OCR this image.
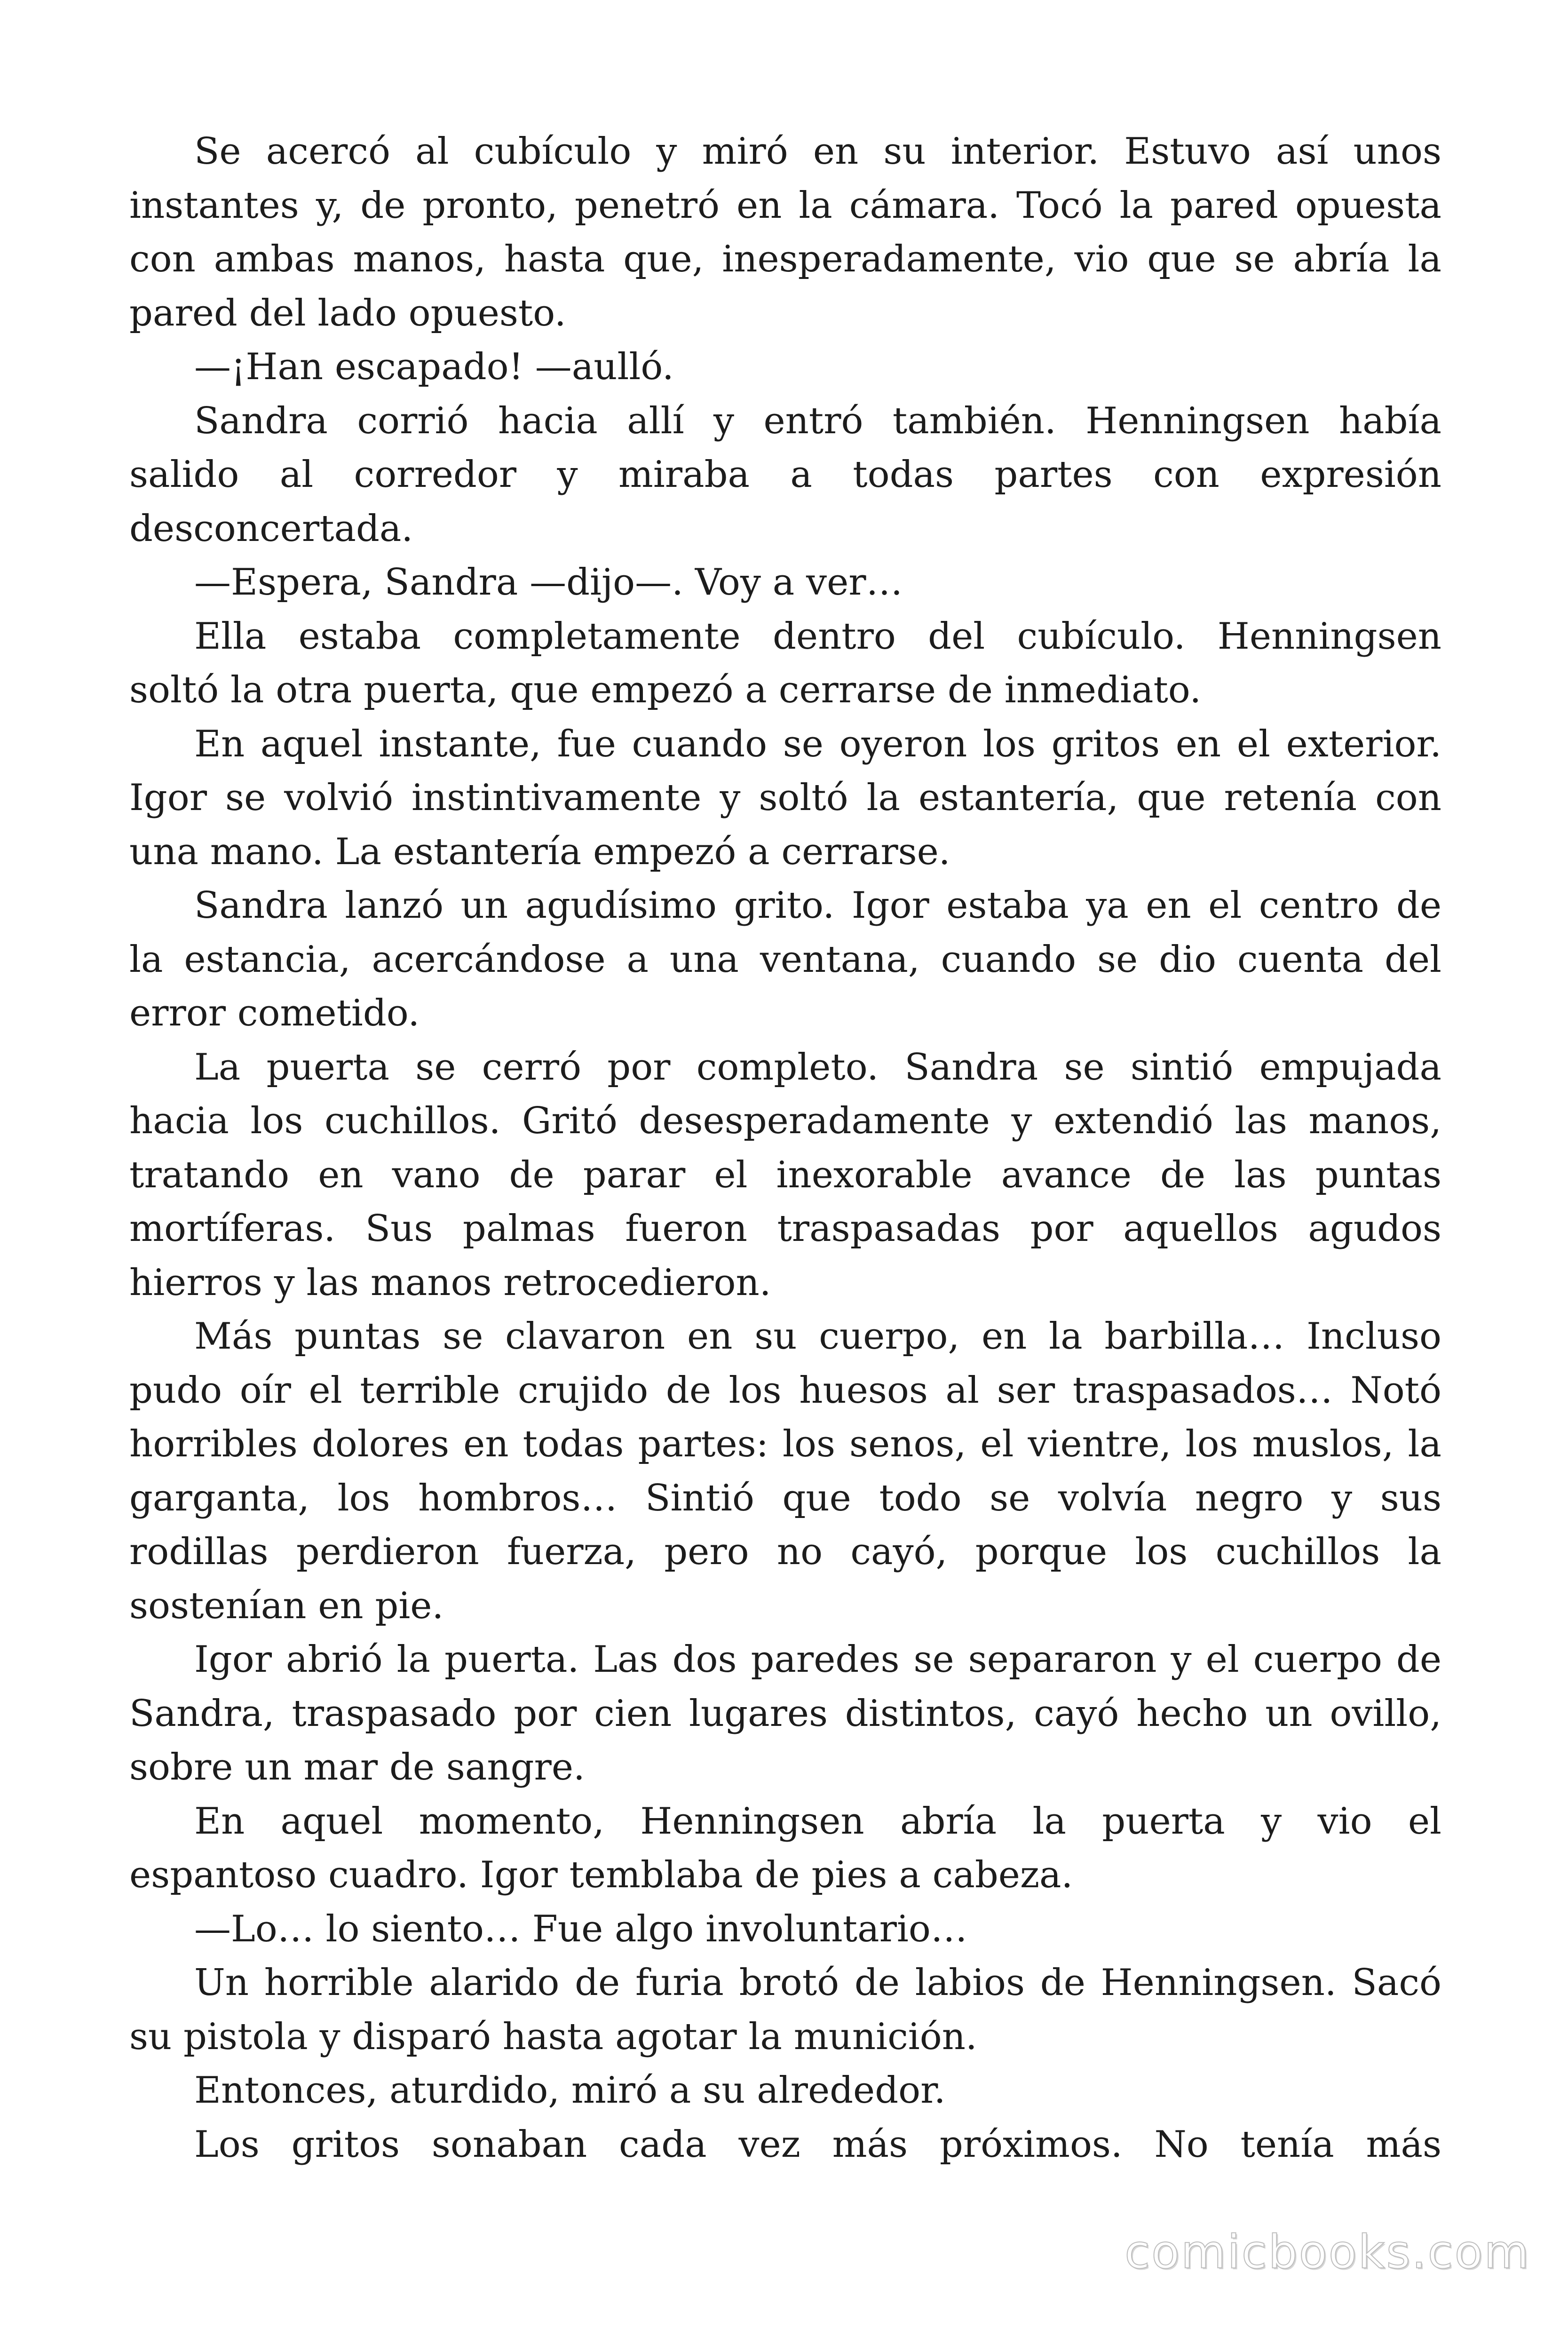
Se acercó al cubículo y miró en su interior. Estuvo así unos
instantes y, de pronto, penetró en la cámara. Tocó la pared opuesta
con ambas manos, hasta que, inesperadamente, vio que se abría la
pared del lado opuesto.
—¡Han escapado! —aulló.
Sandra corrió hacia allí y entró también. Henningsen había
salido al corredor y miraba a todas partes con expresión
desconcertada.
—Espera, Sandra —dijo—. Voy a ver…
Ella estaba completamente dentro del cubículo. Henningsen
soltó la otra puerta, que empezó a cerrarse de inmediato.
En aquel instante, fue cuando se oyeron los gritos en el exterior.
Igor se volvió instintivamente y soltó la estantería, que retenía con
una mano. La estantería empezó a cerrarse.
Sandra lanzó un agudísimo grito. Igor estaba ya en el centro de
la estancia, acercándose a una ventana, cuando se dio cuenta del
error cometido.
La puerta se cerró por completo. Sandra se sintió empujada
hacia los cuchillos. Gritó desesperadamente y extendió las manos,
tratando en vano de parar el inexorable avance de las puntas
mortíferas. Sus palmas fueron traspasadas por aquellos agudos
hierros y las manos retrocedieron.
Más puntas se clavaron en su cuerpo, en la barbilla… Incluso
pudo oír el terrible crujido de los huesos al ser traspasados… Notó
horribles dolores en todas partes: los senos, el vientre, los muslos, la
garganta, los hombros… Sintió que todo se volvía negro y sus
rodillas perdieron fuerza, pero no cayó, porque los cuchillos la
sostenían en pie.
Igor abrió la puerta. Las dos paredes se separaron y el cuerpo de
Sandra, traspasado por cien lugares distintos, cayó hecho un ovillo,
sobre un mar de sangre.
En aquel momento, Henningsen abría la puerta y vio el
espantoso cuadro. Igor temblaba de pies a cabeza.
—Lo… lo siento… Fue algo involuntario…
Un horrible alarido de furia brotó de labios de Henningsen. Sacó
su pistola y disparó hasta agotar la munición.
Entonces, aturdido, miró a su alrededor.
Los gritos sonaban cada vez más próximos. No tenía más
comicbooks.com
